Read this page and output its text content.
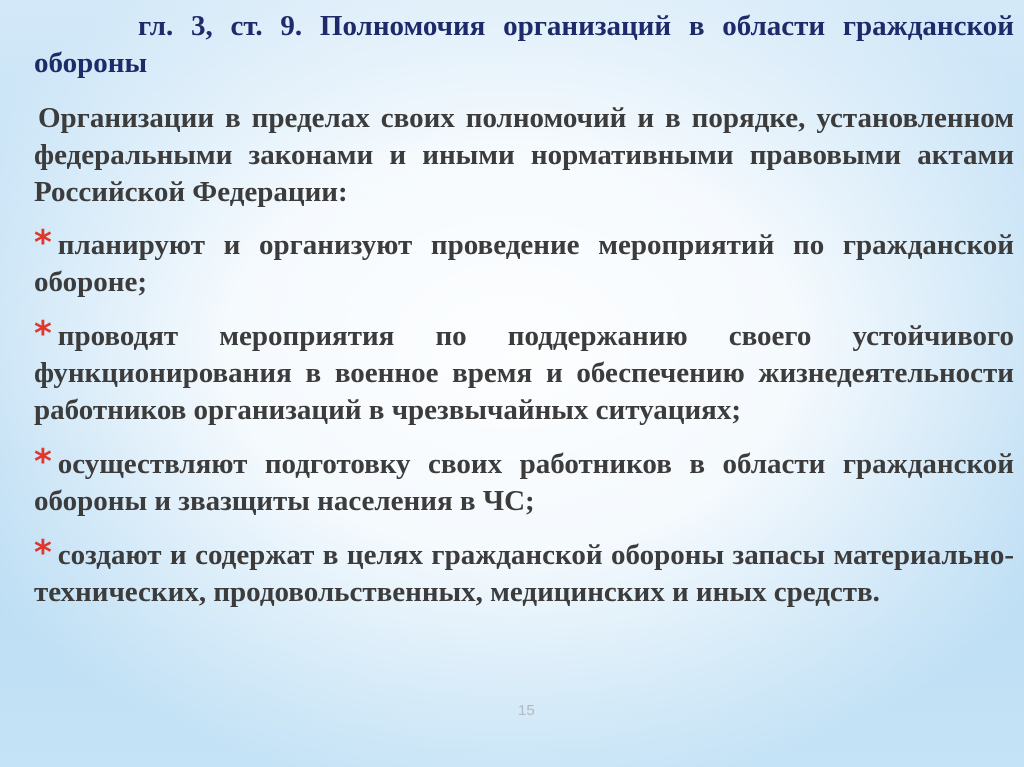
гл. 3, ст. 9. Полномочия организаций в области гражданской обороны

Организации в пределах своих полномочий и в порядке, установленном федеральными законами и иными нормативными правовыми актами Российской Федерации:

* планируют и организуют проведение мероприятий по гражданской обороне;

* проводят мероприятия по поддержанию своего устойчивого функционирования в военное время и обеспечению жизнедеятельности работников организаций в чрезвычайных ситуациях;

* осуществляют подготовку своих работников в области гражданской обороны и звазщиты населения в ЧС;

* создают и содержат в целях гражданской обороны запасы материально-технических, продовольственных, медицинских и иных средств.

15
